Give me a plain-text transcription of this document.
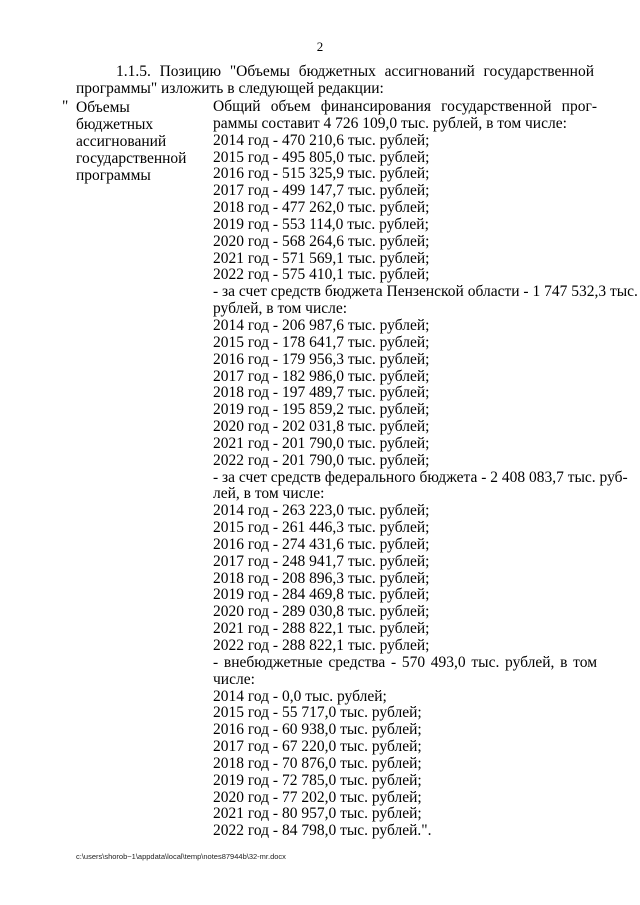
2

1.1.5. Позицию "Объемы бюджетных ассигнований государственной

программы" изложить в следующей редакции:

" Объемы
бюджетных
ассигнований
государственной
программы
Общий объем финансирования государственной прог-
раммы составит 4 726 109,0 тыс. рублей, в том числе:
2014 год - 470 210,6 тыс. рублей;
2015 год - 495 805,0 тыс. рублей;
2016 год - 515 325,9 тыс. рублей;
2017 год - 499 147,7 тыс. рублей;
2018 год - 477 262,0 тыс. рублей;
2019 год - 553 114,0 тыс. рублей;
2020 год - 568 264,6 тыс. рублей;
2021 год - 571 569,1 тыс. рублей;
2022 год - 575 410,1 тыс. рублей;
- за счет средств бюджета Пензенской области - 1 747 532,3 тыс.
рублей, в том числе:
2014 год - 206 987,6 тыс. рублей;
2015 год - 178 641,7 тыс. рублей;
2016 год - 179 956,3 тыс. рублей;
2017 год - 182 986,0 тыс. рублей;
2018 год - 197 489,7 тыс. рублей;
2019 год - 195 859,2 тыс. рублей;
2020 год - 202 031,8 тыс. рублей;
2021 год - 201 790,0 тыс. рублей;
2022 год - 201 790,0 тыс. рублей;
- за счет средств федерального бюджета - 2 408 083,7 тыс. руб-
лей, в том числе:
2014 год - 263 223,0 тыс. рублей;
2015 год - 261 446,3 тыс. рублей;
2016 год - 274 431,6 тыс. рублей;
2017 год - 248 941,7 тыс. рублей;
2018 год - 208 896,3 тыс. рублей;
2019 год - 284 469,8 тыс. рублей;
2020 год - 289 030,8 тыс. рублей;
2021 год - 288 822,1 тыс. рублей;
2022 год - 288 822,1 тыс. рублей;
- внебюджетные средства - 570 493,0 тыс. рублей, в том
числе:
2014 год - 0,0 тыс. рублей;
2015 год - 55 717,0 тыс. рублей;
2016 год - 60 938,0 тыс. рублей;
2017 год - 67 220,0 тыс. рублей;
2018 год - 70 876,0 тыс. рублей;
2019 год - 72 785,0 тыс. рублей;
2020 год - 77 202,0 тыс. рублей;
2021 год - 80 957,0 тыс. рублей;
2022 год - 84 798,0 тыс. рублей.".
c:\users\shorob~1\appdata\local\temp\notes87944b\32-mr.docx
